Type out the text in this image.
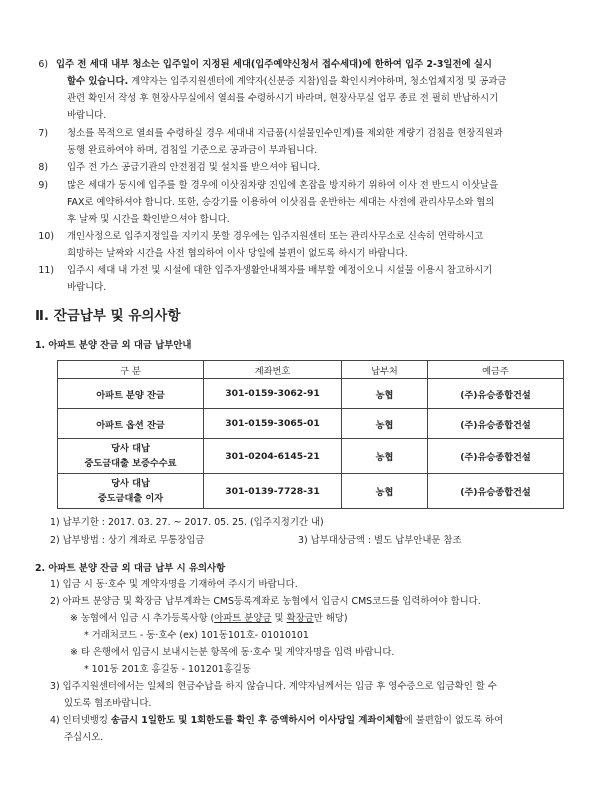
6) 입주 전 세대 내부 청소는 입주일이 지정된 세대(입주예약신청서 접수세대)에 한하여 입주 2-3일전에 실시
할수 있습니다. 계약자는 입주지원센터에 계약자(신분증 지참)임을 확인시켜야하며, 청소업체지정 및 공과금
관련 확인서 작성 후 현장사무실에서 열쇠를 수령하시기 바라며, 현장사무실 업무 종료 전 필히 반납하시기
바랍니다.
7) 청소를 목적으로 열쇠를 수령하실 경우 세대내 지급품(시설물인수인계)를 제외한 계량기 검침을 현장직원과
동행 완료하여야 하며, 검침일 기준으로 공과금이 부과됩니다.
8) 입주 전 가스 공급기관의 안전점검 및 설치를 받으셔야 됩니다.
9) 많은 세대가 동시에 입주를 할 경우에 이삿짐차량 진입에 혼잡을 방지하기 위하여 이사 전 반드시 이삿날을
FAX로 예약하셔야 합니다. 또한, 승강기를 이용하여 이삿짐을 운반하는 세대는 사전에 관리사무소와 협의
후 날짜 및 시간을 확인받으셔야 합니다.
10) 개인사정으로 입주지정일을 지키지 못할 경우에는 입주지원센터 또는 관리사무소로 신속히 연락하시고
희망하는 날짜와 시간을 사전 협의하여 이사 당일에 불편이 없도록 하시기 바랍니다.
11) 입주시 세대 내 가전 및 시설에 대한 입주자생활안내책자를 배부할 예정이오니 시설물 이용시 참고하시기
바랍니다.
Ⅱ. 잔금납부 및 유의사항
1. 아파트 분양 잔금 외 대금 납부안내
구 분	계좌번호	납부처	예금주
아파트 분양 잔금	301-0159-3062-91	농협	(주)유승종합건설
아파트 옵션 잔금	301-0159-3065-01	농협	(주)유승종합건설
당사 대납
중도금대출 보증수수료	301-0204-6145-21	농협	(주)유승종합건설
당사 대납
중도금대출 이자	301-0139-7728-31	농협	(주)유승종합건설
1) 납부기한 : 2017. 03. 27. ~ 2017. 05. 25. (입주지정기간 내)
2) 납부방법 : 상기 계좌로 무통장입금	3) 납부대상금액 : 별도 납부안내문 참조
2. 아파트 분양 잔금 외 대금 납부 시 유의사항
1) 입금 시 동·호수 및 계약자명을 기재하여 주시기 바랍니다.
2) 아파트 분양금 및 확장금 납부계좌는 CMS등록계좌로 농협에서 입금시 CMS코드를 입력하여야 합니다.
※ 농협에서 입금 시 추가등록사항 (아파트 분양금 및 확장금만 해당)
* 거래처코드 - 동·호수 (ex) 101동101호- 01010101
※ 타 은행에서 입금시 보내시는분 항목에 동·호수 및 계약자명을 입력 바랍니다.
* 101동 201호 홍길동 - 101201홍길동
3) 입주지원센터에서는 일체의 현금수납을 하지 않습니다. 계약자님께서는 입금 후 영수증으로 입금확인 할 수
있도록 협조바랍니다.
4) 인터넷뱅킹 송금시 1일한도 및 1회한도를 확인 후 증액하시어 이사당일 계좌이체함에 불편함이 없도록 하여
주십시오.
